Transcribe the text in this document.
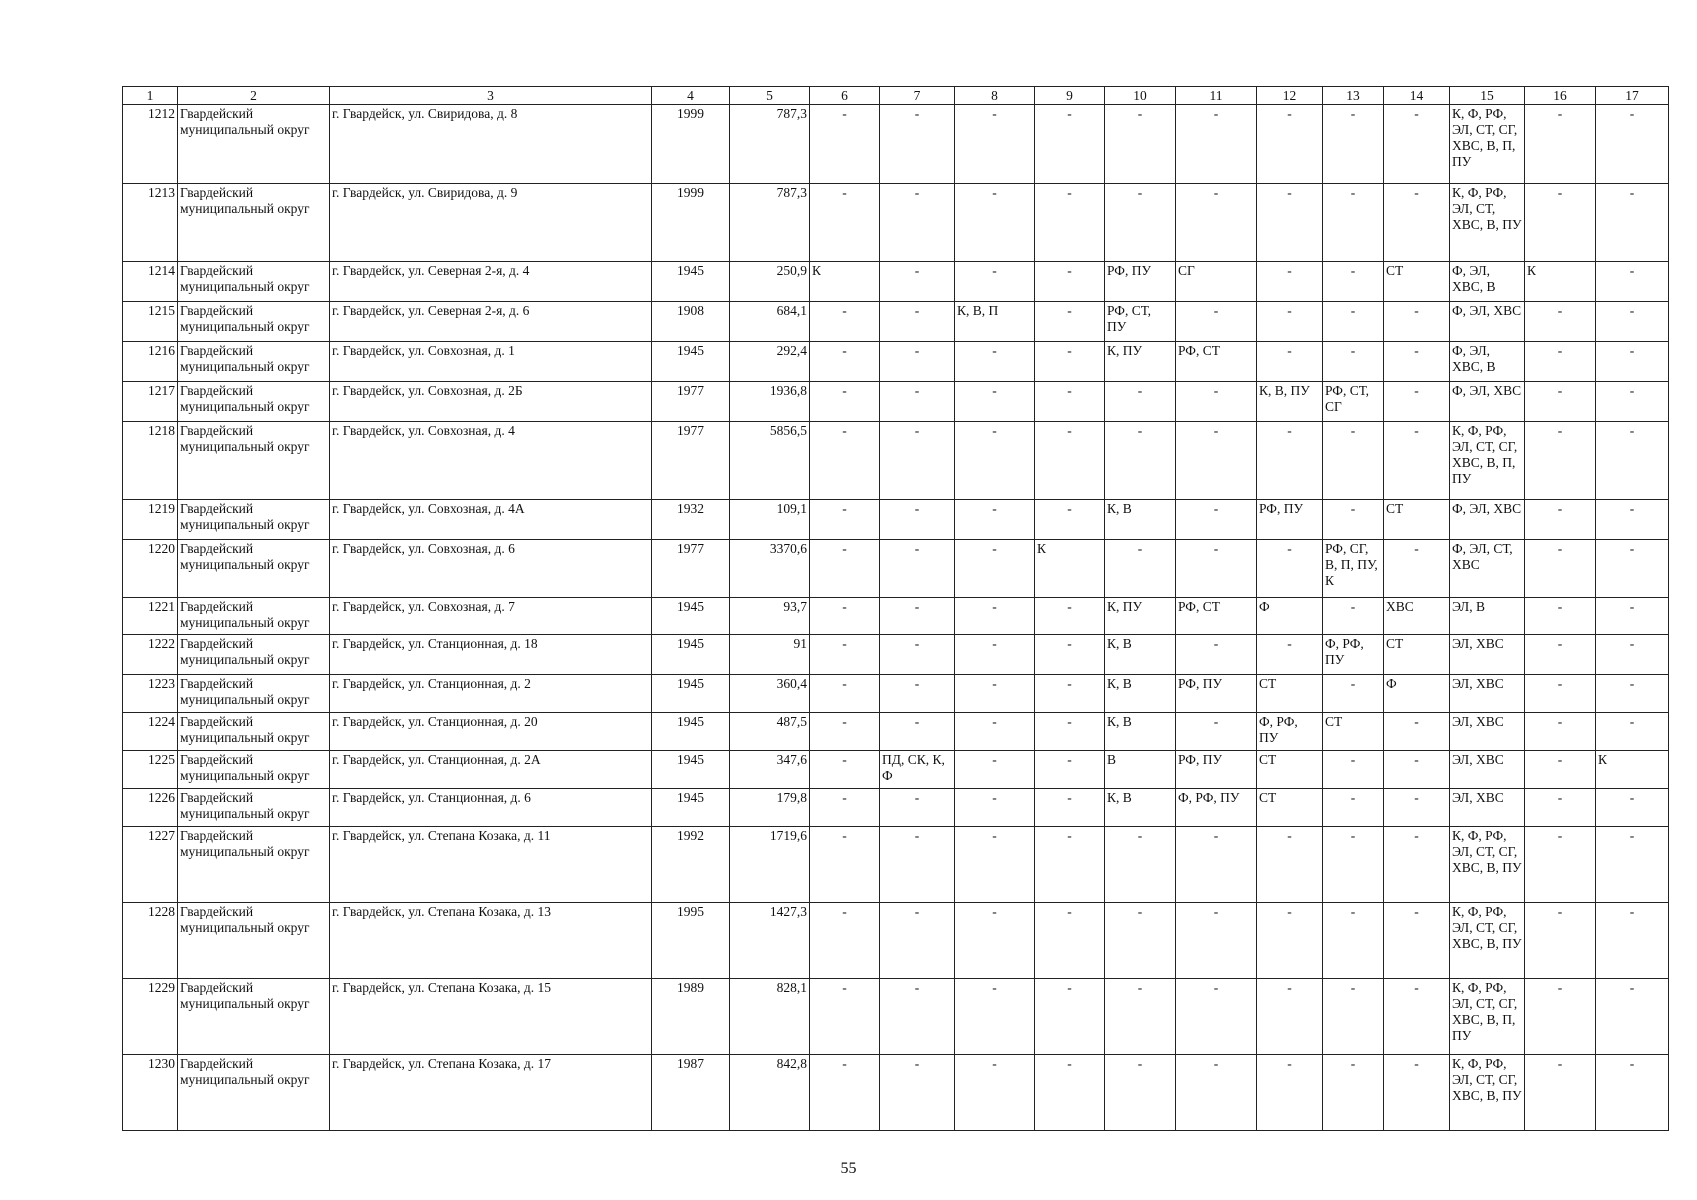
1	2	3	4	5	6	7	8	9	10	11	12	13	14	15	16	17
1212	Гвардейский муниципальный округ	г. Гвардейск, ул. Свиридова, д. 8	1999	787,3	-	-	-	-	-	-	-	-	-	К, Ф, РФ, ЭЛ, СТ, СГ, ХВС, В, П, ПУ	-	-
1213	Гвардейский муниципальный округ	г. Гвардейск, ул. Свиридова, д. 9	1999	787,3	-	-	-	-	-	-	-	-	-	К, Ф, РФ, ЭЛ, СТ, ХВС, В, ПУ	-	-
1214	Гвардейский муниципальный округ	г. Гвардейск, ул. Северная 2-я, д. 4	1945	250,9	К	-	-	-	РФ, ПУ	СГ	-	-	СТ	Ф, ЭЛ, ХВС, В	К	-
1215	Гвардейский муниципальный округ	г. Гвардейск, ул. Северная 2-я, д. 6	1908	684,1	-	-	К, В, П	-	РФ, СТ, ПУ	-	-	-	-	Ф, ЭЛ, ХВС	-	-
1216	Гвардейский муниципальный округ	г. Гвардейск, ул. Совхозная, д. 1	1945	292,4	-	-	-	-	К, ПУ	РФ, СТ	-	-	-	Ф, ЭЛ, ХВС, В	-	-
1217	Гвардейский муниципальный округ	г. Гвардейск, ул. Совхозная, д. 2Б	1977	1936,8	-	-	-	-	-	-	К, В, ПУ	РФ, СТ, СГ	-	Ф, ЭЛ, ХВС	-	-
1218	Гвардейский муниципальный округ	г. Гвардейск, ул. Совхозная, д. 4	1977	5856,5	-	-	-	-	-	-	-	-	-	К, Ф, РФ, ЭЛ, СТ, СГ, ХВС, В, П, ПУ	-	-
1219	Гвардейский муниципальный округ	г. Гвардейск, ул. Совхозная, д. 4А	1932	109,1	-	-	-	-	К, В	-	РФ, ПУ	-	СТ	Ф, ЭЛ, ХВС	-	-
1220	Гвардейский муниципальный округ	г. Гвардейск, ул. Совхозная, д. 6	1977	3370,6	-	-	-	К	-	-	-	РФ, СГ, В, П, ПУ, К	-	Ф, ЭЛ, СТ, ХВС	-	-
1221	Гвардейский муниципальный округ	г. Гвардейск, ул. Совхозная, д. 7	1945	93,7	-	-	-	-	К, ПУ	РФ, СТ	Ф	-	ХВС	ЭЛ, В	-	-
1222	Гвардейский муниципальный округ	г. Гвардейск, ул. Станционная, д. 18	1945	91	-	-	-	-	К, В	-	-	Ф, РФ, ПУ	СТ	ЭЛ, ХВС	-	-
1223	Гвардейский муниципальный округ	г. Гвардейск, ул. Станционная, д. 2	1945	360,4	-	-	-	-	К, В	РФ, ПУ	СТ	-	Ф	ЭЛ, ХВС	-	-
1224	Гвардейский муниципальный округ	г. Гвардейск, ул. Станционная, д. 20	1945	487,5	-	-	-	-	К, В	-	Ф, РФ, ПУ	СТ	-	ЭЛ, ХВС	-	-
1225	Гвардейский муниципальный округ	г. Гвардейск, ул. Станционная, д. 2А	1945	347,6	-	ПД, СК, К, Ф	-	-	В	РФ, ПУ	СТ	-	-	ЭЛ, ХВС	-	К
1226	Гвардейский муниципальный округ	г. Гвардейск, ул. Станционная, д. 6	1945	179,8	-	-	-	-	К, В	Ф, РФ, ПУ	СТ	-	-	ЭЛ, ХВС	-	-
1227	Гвардейский муниципальный округ	г. Гвардейск, ул. Степана Козака, д. 11	1992	1719,6	-	-	-	-	-	-	-	-	-	К, Ф, РФ, ЭЛ, СТ, СГ, ХВС, В, ПУ	-	-
1228	Гвардейский муниципальный округ	г. Гвардейск, ул. Степана Козака, д. 13	1995	1427,3	-	-	-	-	-	-	-	-	-	К, Ф, РФ, ЭЛ, СТ, СГ, ХВС, В, ПУ	-	-
1229	Гвардейский муниципальный округ	г. Гвардейск, ул. Степана Козака, д. 15	1989	828,1	-	-	-	-	-	-	-	-	-	К, Ф, РФ, ЭЛ, СТ, СГ, ХВС, В, П, ПУ	-	-
1230	Гвардейский муниципальный округ	г. Гвардейск, ул. Степана Козака, д. 17	1987	842,8	-	-	-	-	-	-	-	-	-	К, Ф, РФ, ЭЛ, СТ, СГ, ХВС, В, ПУ	-	-
55
